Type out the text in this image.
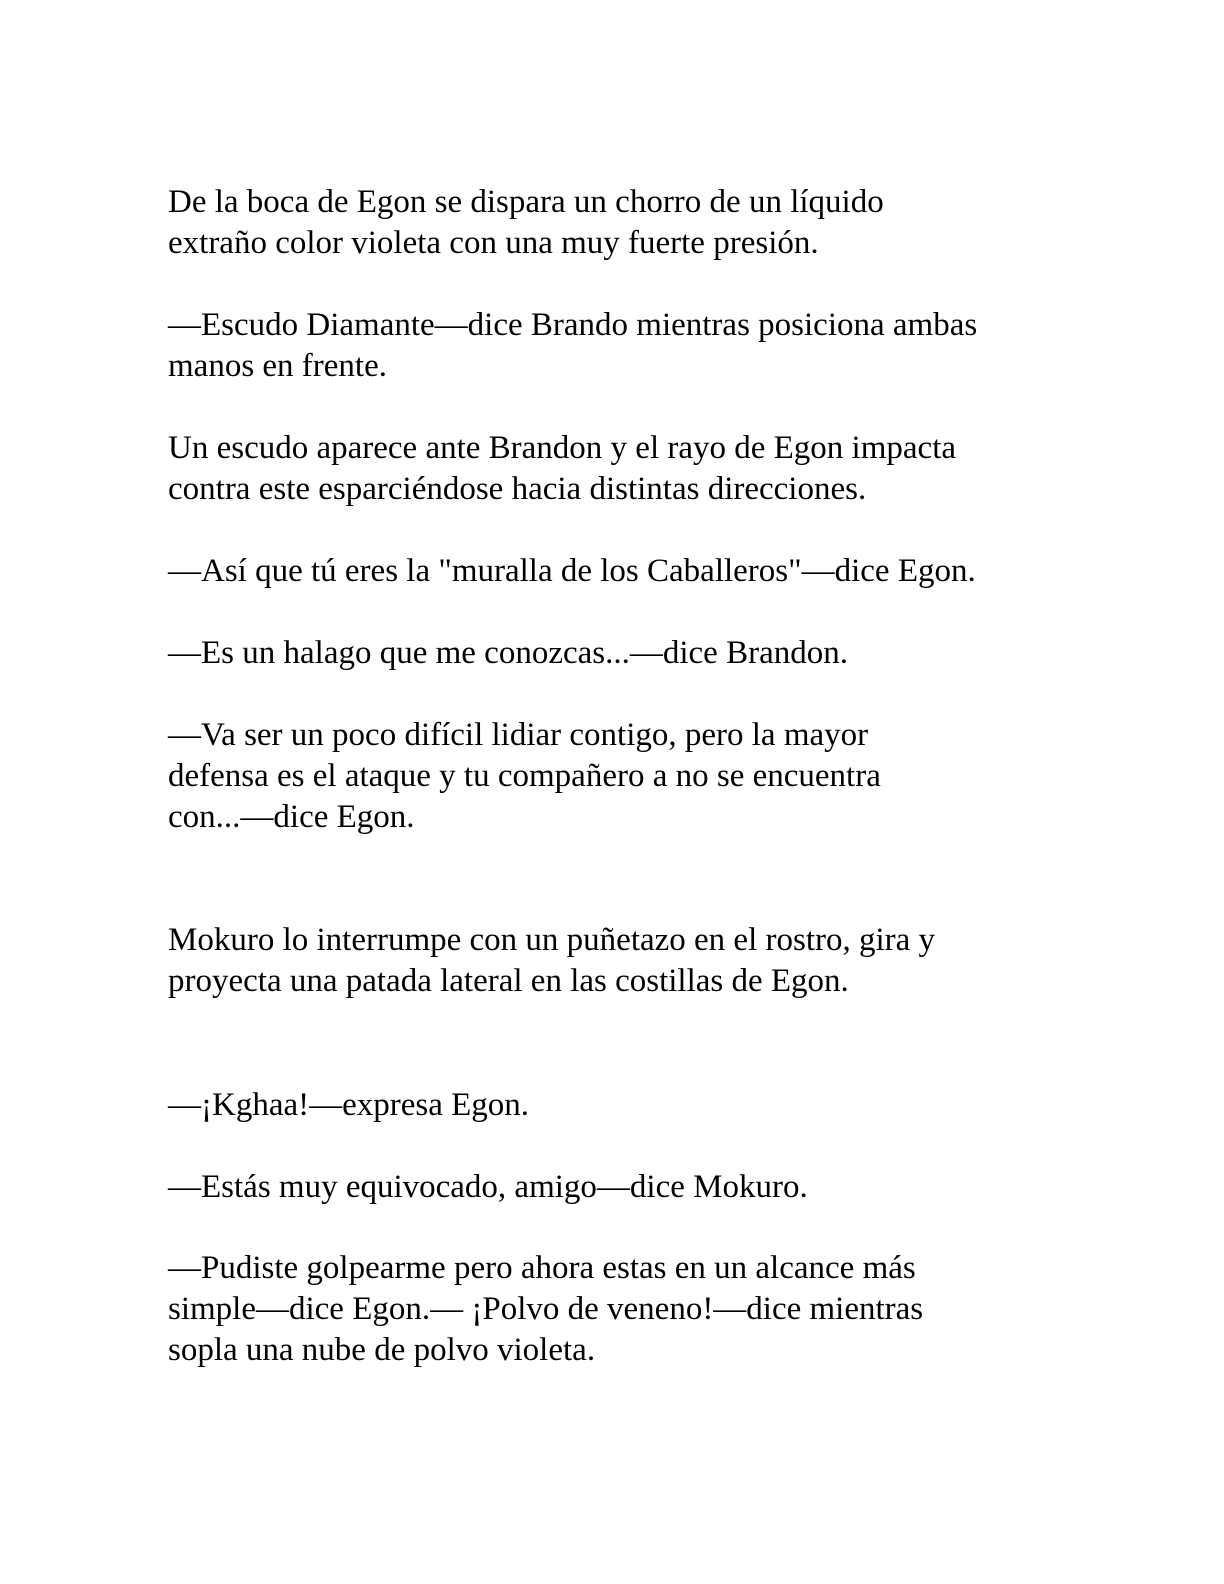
De la boca de Egon se dispara un chorro de un líquido
extraño color violeta con una muy fuerte presión.

—Escudo Diamante—dice Brando mientras posiciona ambas
manos en frente.

Un escudo aparece ante Brandon y el rayo de Egon impacta
contra este esparciéndose hacia distintas direcciones.

—Así que tú eres la "muralla de los Caballeros"—dice Egon.

—Es un halago que me conozcas...—dice Brandon.

—Va ser un poco difícil lidiar contigo, pero la mayor
defensa es el ataque y tu compañero a no se encuentra
con...—dice Egon.

Mokuro lo interrumpe con un puñetazo en el rostro, gira y
proyecta una patada lateral en las costillas de Egon.

—¡Kghaa!—expresa Egon.

—Estás muy equivocado, amigo—dice Mokuro.

—Pudiste golpearme pero ahora estas en un alcance más
simple—dice Egon.— ¡Polvo de veneno!—dice mientras
sopla una nube de polvo violeta.
